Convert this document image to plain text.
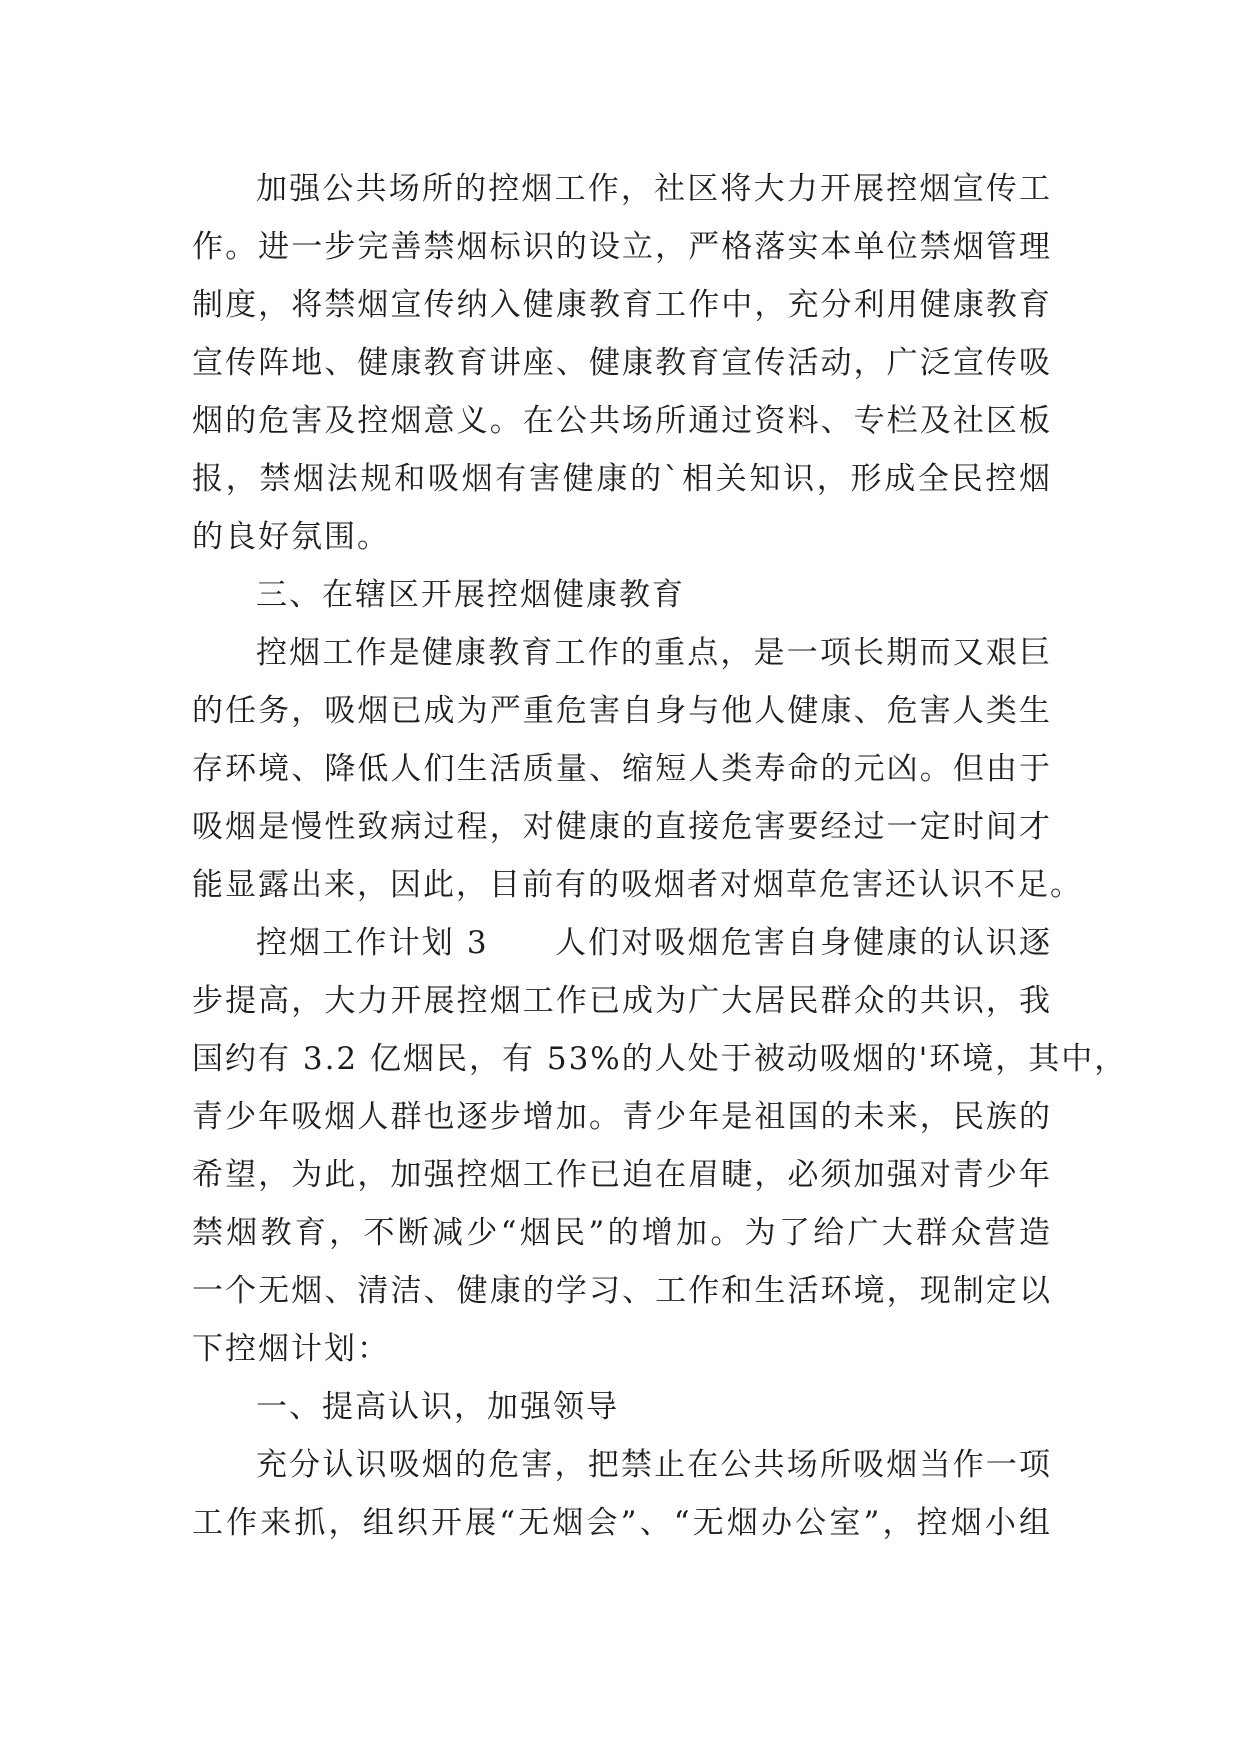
加强公共场所的控烟工作，社区将大力开展控烟宣传工
作。进一步完善禁烟标识的设立，严格落实本单位禁烟管理
制度，将禁烟宣传纳入健康教育工作中，充分利用健康教育
宣传阵地、健康教育讲座、健康教育宣传活动，广泛宣传吸
烟的危害及控烟意义。在公共场所通过资料、专栏及社区板
报，禁烟法规和吸烟有害健康的`相关知识，形成全民控烟
的良好氛围。
三、在辖区开展控烟健康教育
控烟工作是健康教育工作的重点，是一项长期而又艰巨
的任务，吸烟已成为严重危害自身与他人健康、危害人类生
存环境、降低人们生活质量、缩短人类寿命的元凶。但由于
吸烟是慢性致病过程，对健康的直接危害要经过一定时间才
能显露出来，因此，目前有的吸烟者对烟草危害还认识不足。
控烟工作计划 3　　人们对吸烟危害自身健康的认识逐
步提高，大力开展控烟工作已成为广大居民群众的共识，我
国约有 3.2 亿烟民，有 53%的人处于被动吸烟的'环境，其中，
青少年吸烟人群也逐步增加。青少年是祖国的未来，民族的
希望，为此，加强控烟工作已迫在眉睫，必须加强对青少年
禁烟教育，不断减少“烟民”的增加。为了给广大群众营造
一个无烟、清洁、健康的学习、工作和生活环境，现制定以
下控烟计划：
一、提高认识，加强领导
充分认识吸烟的危害，把禁止在公共场所吸烟当作一项
工作来抓，组织开展“无烟会”、“无烟办公室”，控烟小组
